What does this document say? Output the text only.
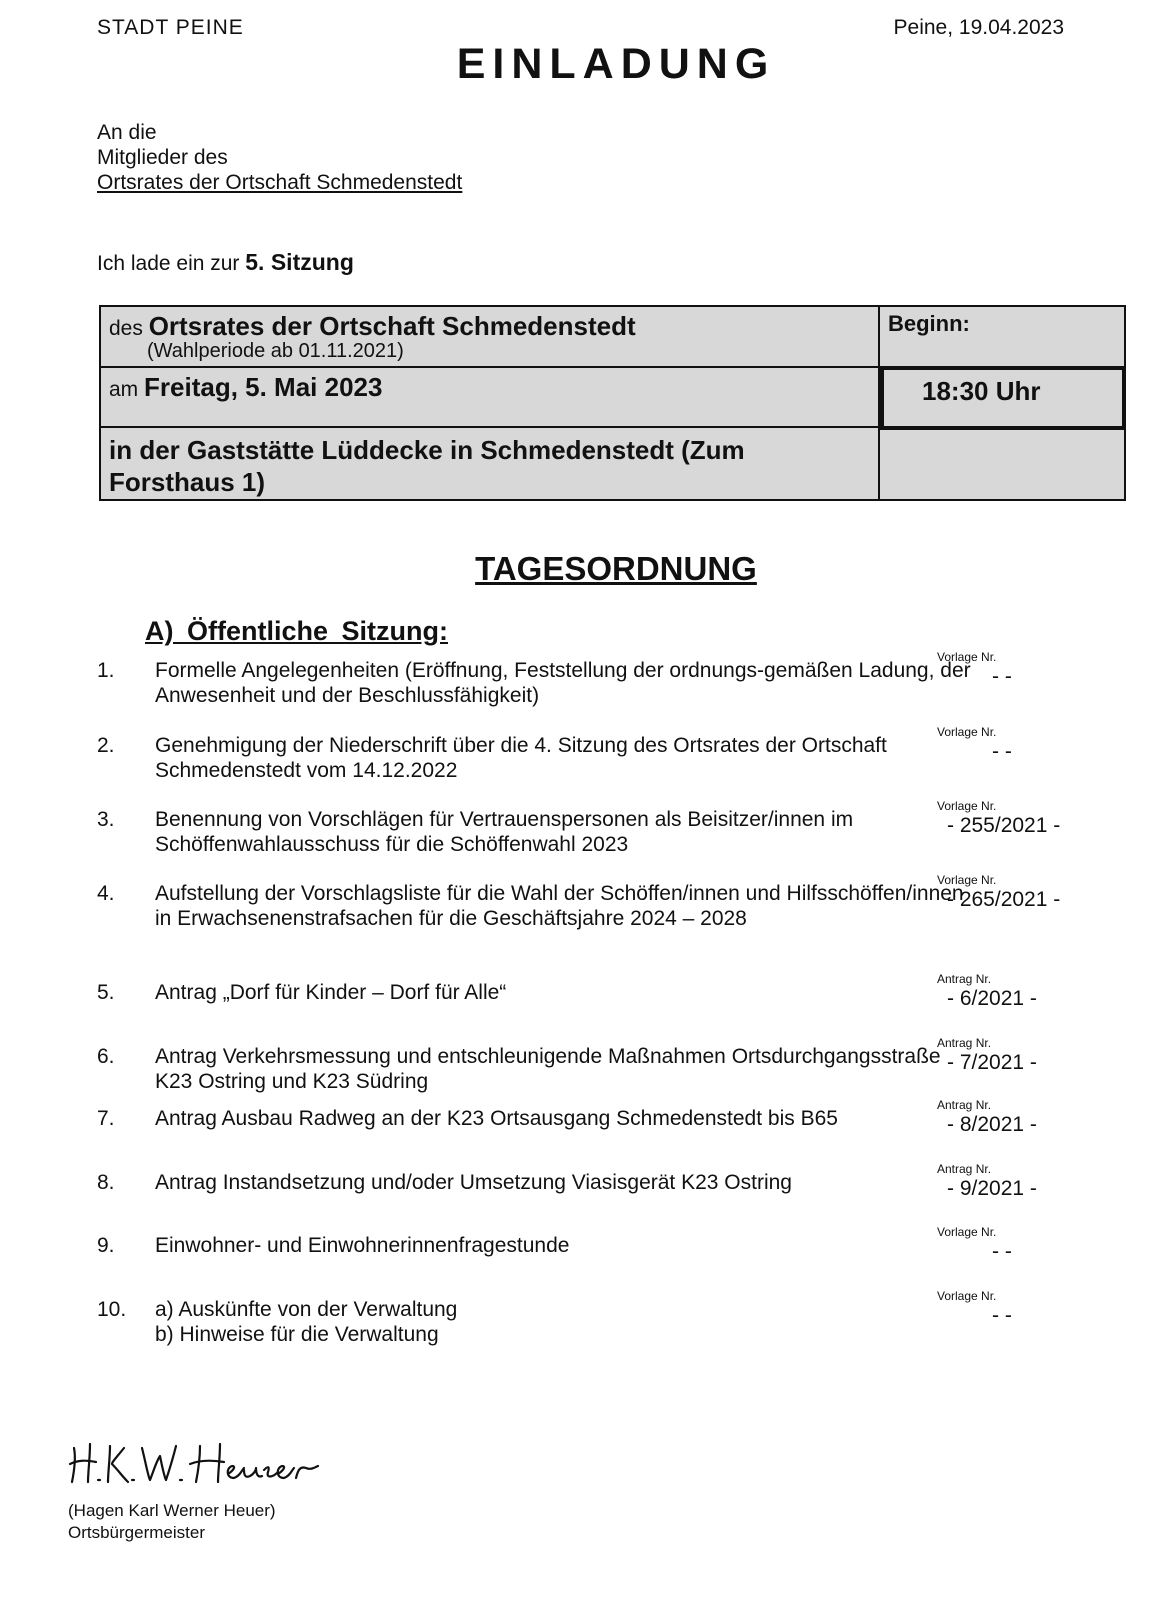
STADT PEINE	Peine, 19.04.2023
EINLADUNG
An die
Mitglieder des
Ortsrates der Ortschaft Schmedenstedt
Ich lade ein zur 5. Sitzung
des Ortsrates der Ortschaft Schmedenstedt
(Wahlperiode ab 01.11.2021)
Beginn:
am Freitag, 5. Mai 2023	18:30 Uhr
in der Gaststätte Lüddecke in Schmedenstedt (Zum Forsthaus 1)
TAGESORDNUNG
A) Öffentliche Sitzung:
1. Formelle Angelegenheiten (Eröffnung, Feststellung der ordnungs-gemäßen Ladung, der Anwesenheit und der Beschlussfähigkeit)
Vorlage Nr.
- -
2. Genehmigung der Niederschrift über die 4. Sitzung des Ortsrates der Ortschaft Schmedenstedt vom 14.12.2022
Vorlage Nr.
- -
3. Benennung von Vorschlägen für Vertrauenspersonen als Beisitzer/innen im Schöffenwahlausschuss für die Schöffenwahl 2023
Vorlage Nr.
- 255/2021 -
4. Aufstellung der Vorschlagsliste für die Wahl der Schöffen/innen und Hilfsschöffen/innen in Erwachsenenstrafsachen für die Geschäftsjahre 2024 – 2028
Vorlage Nr.
- 265/2021 -
5. Antrag „Dorf für Kinder – Dorf für Alle“
Antrag Nr.
- 6/2021 -
6. Antrag Verkehrsmessung und entschleunigende Maßnahmen Ortsdurchgangsstraße K23 Ostring und K23 Südring
Antrag Nr.
- 7/2021 -
7. Antrag Ausbau Radweg an der K23 Ortsausgang Schmedenstedt bis B65
Antrag Nr.
- 8/2021 -
8. Antrag Instandsetzung und/oder Umsetzung Viasisgerät K23 Ostring
Antrag Nr.
- 9/2021 -
9. Einwohner- und Einwohnerinnenfragestunde
Vorlage Nr.
- -
10. a) Auskünfte von der Verwaltung
b) Hinweise für die Verwaltung
Vorlage Nr.
- -
(Hagen Karl Werner Heuer)
Ortsbürgermeister
